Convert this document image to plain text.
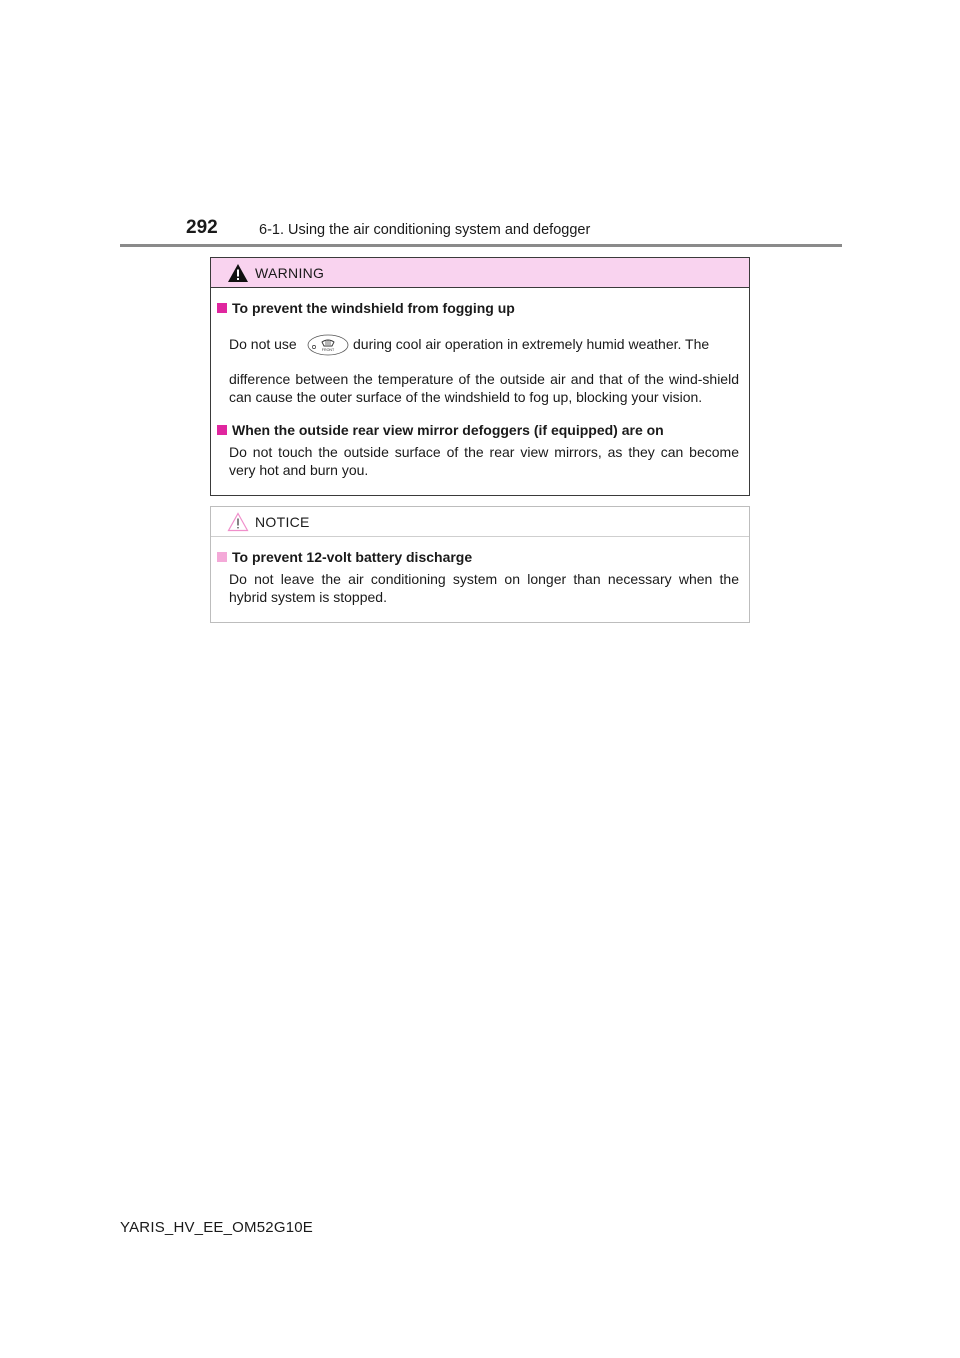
292	6-1. Using the air conditioning system and defogger
WARNING
To prevent the windshield from fogging up
Do not use	FRONT during cool air operation in extremely humid weather. The
difference between the temperature of the outside air and that of the wind-shield can cause the outer surface of the windshield to fog up, blocking your vision.
When the outside rear view mirror defoggers (if equipped) are on
Do not touch the outside surface of the rear view mirrors, as they can become very hot and burn you.
NOTICE
To prevent 12-volt battery discharge
Do not leave the air conditioning system on longer than necessary when the hybrid system is stopped.
YARIS_HV_EE_OM52G10E
